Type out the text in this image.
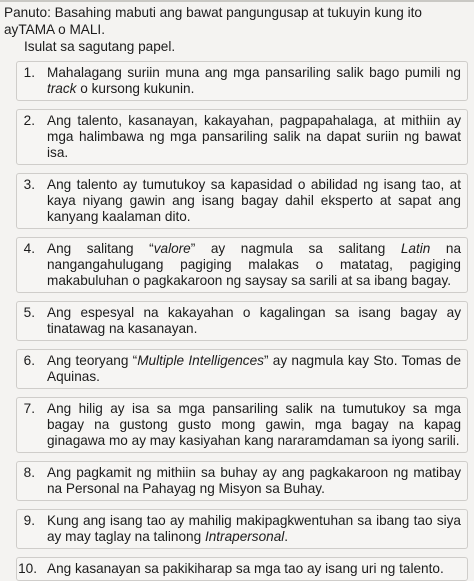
Panuto: Basahing mabuti ang bawat pangungusap at tukuyin kung ito ayTAMA o MALI.
Isulat sa sagutang papel.
1. Mahalagang suriin muna ang mga pansariling salik bago pumili ng track o kursong kukunin.
2. Ang talento, kasanayan, kakayahan, pagpapahalaga, at mithiin ay mga halimbawa ng mga pansariling salik na dapat suriin ng bawat isa.
3. Ang talento ay tumutukoy sa kapasidad o abilidad ng isang tao, at kaya niyang gawin ang isang bagay dahil eksperto at sapat ang kanyang kaalaman dito.
4. Ang salitang “valore” ay nagmula sa salitang Latin na nangangahulugang pagiging malakas o matatag, pagiging makabuluhan o pagkakaroon ng saysay sa sarili at sa ibang bagay.
5. Ang espesyal na kakayahan o kagalingan sa isang bagay ay tinatawag na kasanayan.
6. Ang teoryang “Multiple Intelligences” ay nagmula kay Sto. Tomas de Aquinas.
7. Ang hilig ay isa sa mga pansariling salik na tumutukoy sa mga bagay na gustong gusto mong gawin, mga bagay na kapag ginagawa mo ay may kasiyahan kang nararamdaman sa iyong sarili.
8. Ang pagkamit ng mithiin sa buhay ay ang pagkakaroon ng matibay na Personal na Pahayag ng Misyon sa Buhay.
9. Kung ang isang tao ay mahilig makipagkwentuhan sa ibang tao siya ay may taglay na talinong Intrapersonal.
10. Ang kasanayan sa pakikiharap sa mga tao ay isang uri ng talento.
